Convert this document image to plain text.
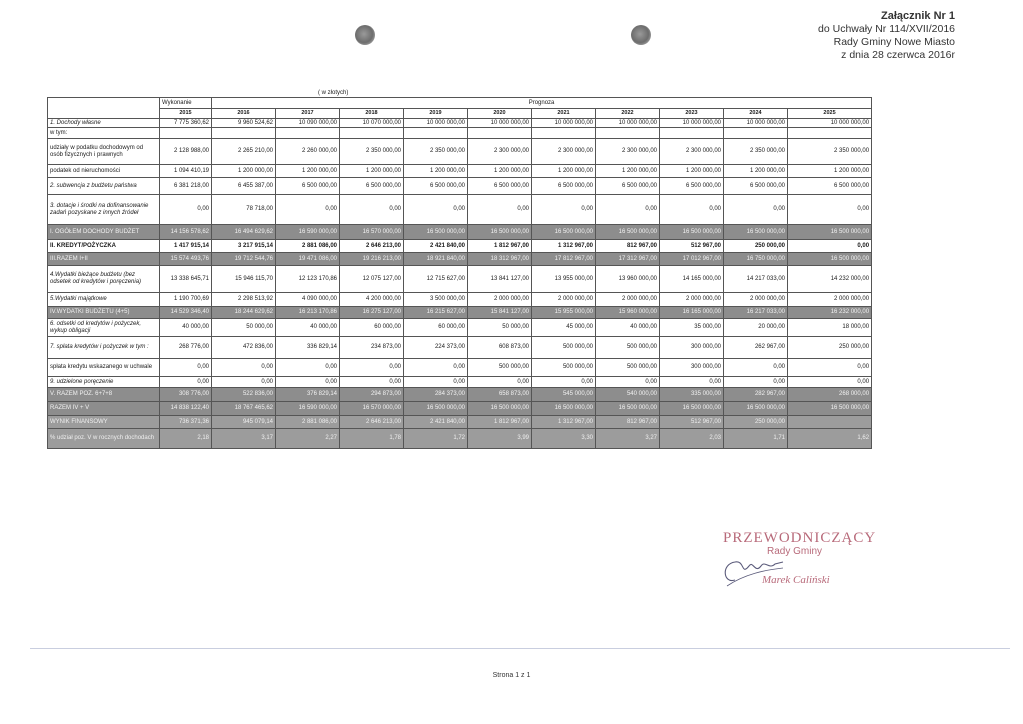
Załącznik Nr 1
do Uchwały Nr 114/XVII/2016
Rady Gminy Nowe Miasto
z dnia 28 czerwca 2016r
( w złotych)
	Wykonanie	Prognoza									
	2015	2016	2017	2018	2019	2020	2021	2022	2023	2024	2025
1. Dochody własne	7 775 360,62	9 960 524,62	10 090 000,00	10 070 000,00	10 000 000,00	10 000 000,00	10 000 000,00	10 000 000,00	10 000 000,00	10 000 000,00	10 000 000,00
w tym:											
udziały w podatku dochodowym od osób fizycznych i prawnych	2 128 988,00	2 265 210,00	2 260 000,00	2 350 000,00	2 350 000,00	2 300 000,00	2 300 000,00	2 300 000,00	2 300 000,00	2 350 000,00	2 350 000,00
podatek od nieruchomości	1 094 410,19	1 200 000,00	1 200 000,00	1 200 000,00	1 200 000,00	1 200 000,00	1 200 000,00	1 200 000,00	1 200 000,00	1 200 000,00	1 200 000,00
2. subwencja z budżetu państwa	6 381 218,00	6 455 387,00	6 500 000,00	6 500 000,00	6 500 000,00	6 500 000,00	6 500 000,00	6 500 000,00	6 500 000,00	6 500 000,00	6 500 000,00
3. dotacje i środki na dofinansowanie zadań pozyskane z innych źródeł	0,00	78 718,00	0,00	0,00	0,00	0,00	0,00	0,00	0,00	0,00	0,00
I. OGÓŁEM DOCHODY BUDŻET	14 156 578,62	16 494 629,62	16 590 000,00	16 570 000,00	16 500 000,00	16 500 000,00	16 500 000,00	16 500 000,00	16 500 000,00	16 500 000,00	16 500 000,00
II. KREDYT/POŻYCZKA	1 417 915,14	3 217 915,14	2 881 086,00	2 646 213,00	2 421 840,00	1 812 967,00	1 312 967,00	812 967,00	512 967,00	250 000,00	0,00
III.RAZEM I+II	15 574 493,76	19 712 544,76	19 471 086,00	19 216 213,00	18 921 840,00	18 312 967,00	17 812 967,00	17 312 967,00	17 012 967,00	16 750 000,00	16 500 000,00
4.Wydatki bieżące budżetu (bez odsetek od kredytów i poręczenia)	13 338 645,71	15 946 115,70	12 123 170,86	12 075 127,00	12 715 627,00	13 841 127,00	13 955 000,00	13 960 000,00	14 165 000,00	14 217 033,00	14 232 000,00
5.Wydatki majątkowe	1 190 700,69	2 298 513,92	4 090 000,00	4 200 000,00	3 500 000,00	2 000 000,00	2 000 000,00	2 000 000,00	2 000 000,00	2 000 000,00	2 000 000,00
IV.WYDATKI BUDŻETU (4+5)	14 529 346,40	18 244 629,62	16 213 170,86	16 275 127,00	16 215 627,00	15 841 127,00	15 955 000,00	15 960 000,00	16 165 000,00	16 217 033,00	16 232 000,00
6. odsetki od kredytów i pożyczek, wykup obligacji	40 000,00	50 000,00	40 000,00	60 000,00	60 000,00	50 000,00	45 000,00	40 000,00	35 000,00	20 000,00	18 000,00
7. spłata kredytów i pożyczek w tym :	268 776,00	472 836,00	336 829,14	234 873,00	224 373,00	608 873,00	500 000,00	500 000,00	300 000,00	262 967,00	250 000,00
spłata kredytu wskazanego w uchwale	0,00	0,00	0,00	0,00	0,00	500 000,00	500 000,00	500 000,00	300 000,00	0,00	0,00
9. udzielone poręczenie	0,00	0,00	0,00	0,00	0,00	0,00	0,00	0,00	0,00	0,00	0,00
V. RAZEM POZ. 6+7+8	308 776,00	522 836,00	376 829,14	294 873,00	284 373,00	658 873,00	545 000,00	540 000,00	335 000,00	282 967,00	268 000,00
RAZEM IV + V	14 838 122,40	18 767 465,62	16 590 000,00	16 570 000,00	16 500 000,00	16 500 000,00	16 500 000,00	16 500 000,00	16 500 000,00	16 500 000,00	16 500 000,00
WYNIK FINANSOWY	736 371,36	945 079,14	2 881 086,00	2 646 213,00	2 421 840,00	1 812 967,00	1 312 967,00	812 967,00	512 967,00	250 000,00	
% udział poz. V w rocznych dochodach	2,18	3,17	2,27	1,78	1,72	3,99	3,30	3,27	2,03	1,71	1,62
PRZEWODNICZĄCY
Rady Gminy
Marek Caliński
Strona 1 z 1
